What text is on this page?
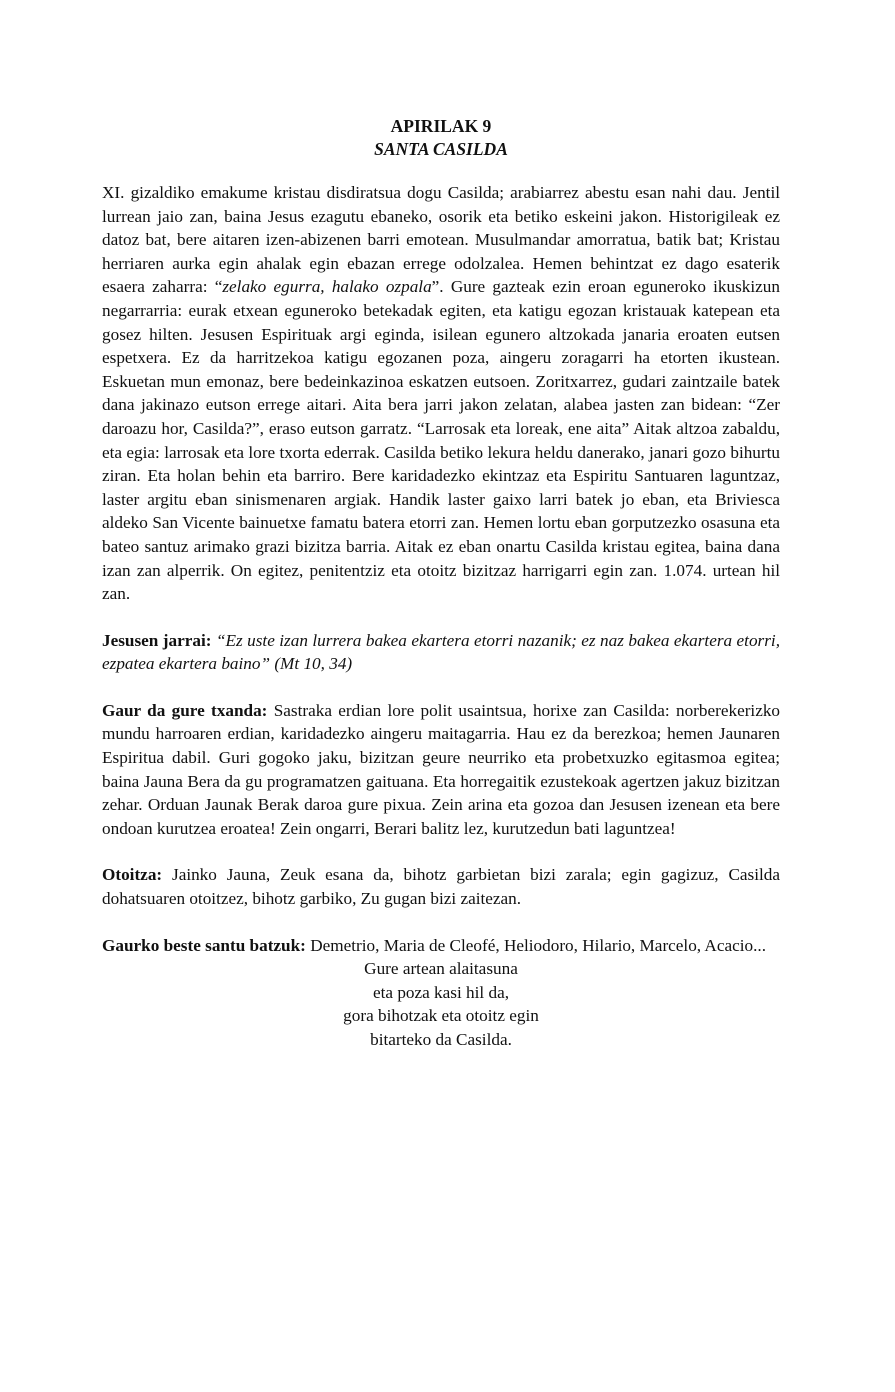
APIRILAK 9
SANTA CASILDA

XI. gizaldiko emakume kristau disdiratsua dogu Casilda; arabiarrez abestu esan nahi dau. Jentil lurrean jaio zan, baina Jesus ezagutu ebaneko, osorik eta betiko eskeini jakon. Historigileak ez datoz bat, bere aitaren izen-abizenen barri emotean. Musulmandar amorratua, batik bat; Kristau herriaren aurka egin ahalak egin ebazan errege odolzalea. Hemen behintzat ez dago esaterik esaera zaharra: “zelako egurra, halako ozpala”. Gure gazteak ezin eroan eguneroko ikuskizun negarrarria: eurak etxean eguneroko betekadak egiten, eta katigu egozan kristauak katepean eta gosez hilten. Jesusen Espirituak argi eginda, isilean egunero altzokada janaria eroaten eutsen espetxera. Ez da harritzekoa katigu egozanen poza, aingeru zoragarri ha etorten ikustean. Eskuetan mun emonaz, bere bedeinkazinoa eskatzen eutsoen. Zoritxarrez, gudari zaintzaile batek dana jakinazo eutson errege aitari. Aita bera jarri jakon zelatan, alabea jasten zan bidean: “Zer daroazu hor, Casilda?”, eraso eutson garratz. “Larrosak eta loreak, ene aita” Aitak altzoa zabaldu, eta egia: larrosak eta lore txorta ederrak. Casilda betiko lekura heldu danerako, janari gozo bihurtu ziran. Eta holan behin eta barriro. Bere karidadezko ekintzaz eta Espiritu Santuaren laguntzaz, laster argitu eban sinismenaren argiak. Handik laster gaixo larri batek jo eban, eta Briviesca aldeko San Vicente bainuetxe famatu batera etorri zan. Hemen lortu eban gorputzezko osasuna eta bateo santuz arimako grazi bizitza barria. Aitak ez eban onartu Casilda kristau egitea, baina dana izan zan alperrik. On egitez, penitentziz eta otoitz bizitzaz harrigarri egin zan. 1.074. urtean hil zan.

Jesusen jarrai: “Ez uste izan lurrera bakea ekartera etorri nazanik; ez naz bakea ekartera etorri, ezpatea ekartera baino” (Mt 10, 34)

Gaur da gure txanda: Sastraka erdian lore polit usaintsua, horixe zan Casilda: norberekerizko mundu harroaren erdian, karidadezko aingeru maitagarria. Hau ez da berezkoa; hemen Jaunaren Espiritua dabil. Guri gogoko jaku, bizitzan geure neurriko eta probetxuzko egitasmoa egitea; baina Jauna Bera da gu programatzen gaituana. Eta horregaitik ezustekoak agertzen jakuz bizitzan zehar. Orduan Jaunak Berak daroa gure pixua. Zein arina eta gozoa dan Jesusen izenean eta bere ondoan kurutzea eroatea! Zein ongarri, Berari balitz lez, kurutzedun bati laguntzea!

Otoitza: Jainko Jauna, Zeuk esana da, bihotz garbietan bizi zarala; egin gagizuz, Casilda dohatsuaren otoitzez, bihotz garbiko, Zu gugan bizi zaitezan.

Gaurko beste santu batzuk: Demetrio, Maria de Cleofé, Heliodoro, Hilario, Marcelo, Acacio...

Gure artean alaitasuna
eta poza kasi hil da,
gora bihotzak eta otoitz egin
bitarteko da Casilda.
